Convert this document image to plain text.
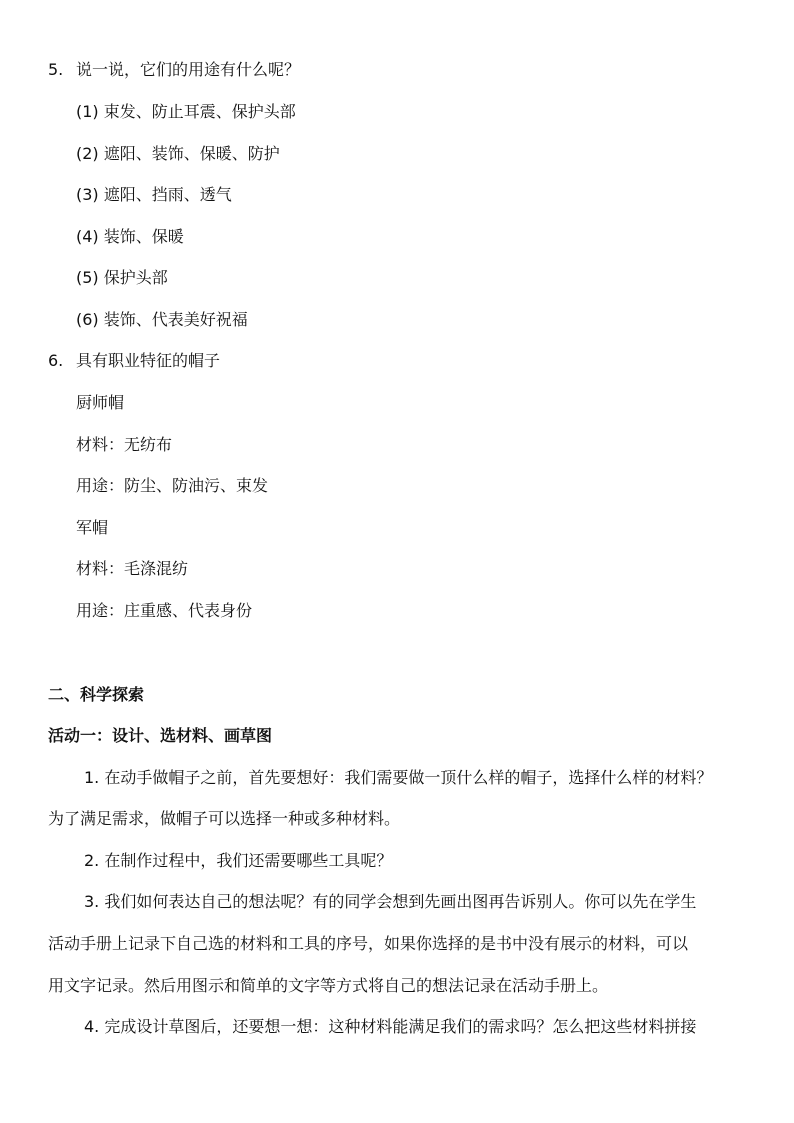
5. 说一说，它们的用途有什么呢？
(1) 束发、防止耳震、保护头部
(2) 遮阳、装饰、保暖、防护
(3) 遮阳、挡雨、透气
(4) 装饰、保暖
(5) 保护头部
(6) 装饰、代表美好祝福
6. 具有职业特征的帽子
厨师帽
材料：无纺布
用途：防尘、防油污、束发
军帽
材料：毛涤混纺
用途：庄重感、代表身份
二、科学探索
活动一：设计、选材料、画草图
1. 在动手做帽子之前，首先要想好：我们需要做一顶什么样的帽子，选择什么样的材料？
为了满足需求，做帽子可以选择一种或多种材料。
2. 在制作过程中，我们还需要哪些工具呢？
3. 我们如何表达自己的想法呢？有的同学会想到先画出图再告诉别人。你可以先在学生
活动手册上记录下自己选的材料和工具的序号，如果你选择的是书中没有展示的材料，可以
用文字记录。然后用图示和简单的文字等方式将自己的想法记录在活动手册上。
4. 完成设计草图后，还要想一想：这种材料能满足我们的需求吗？怎么把这些材料拼接
